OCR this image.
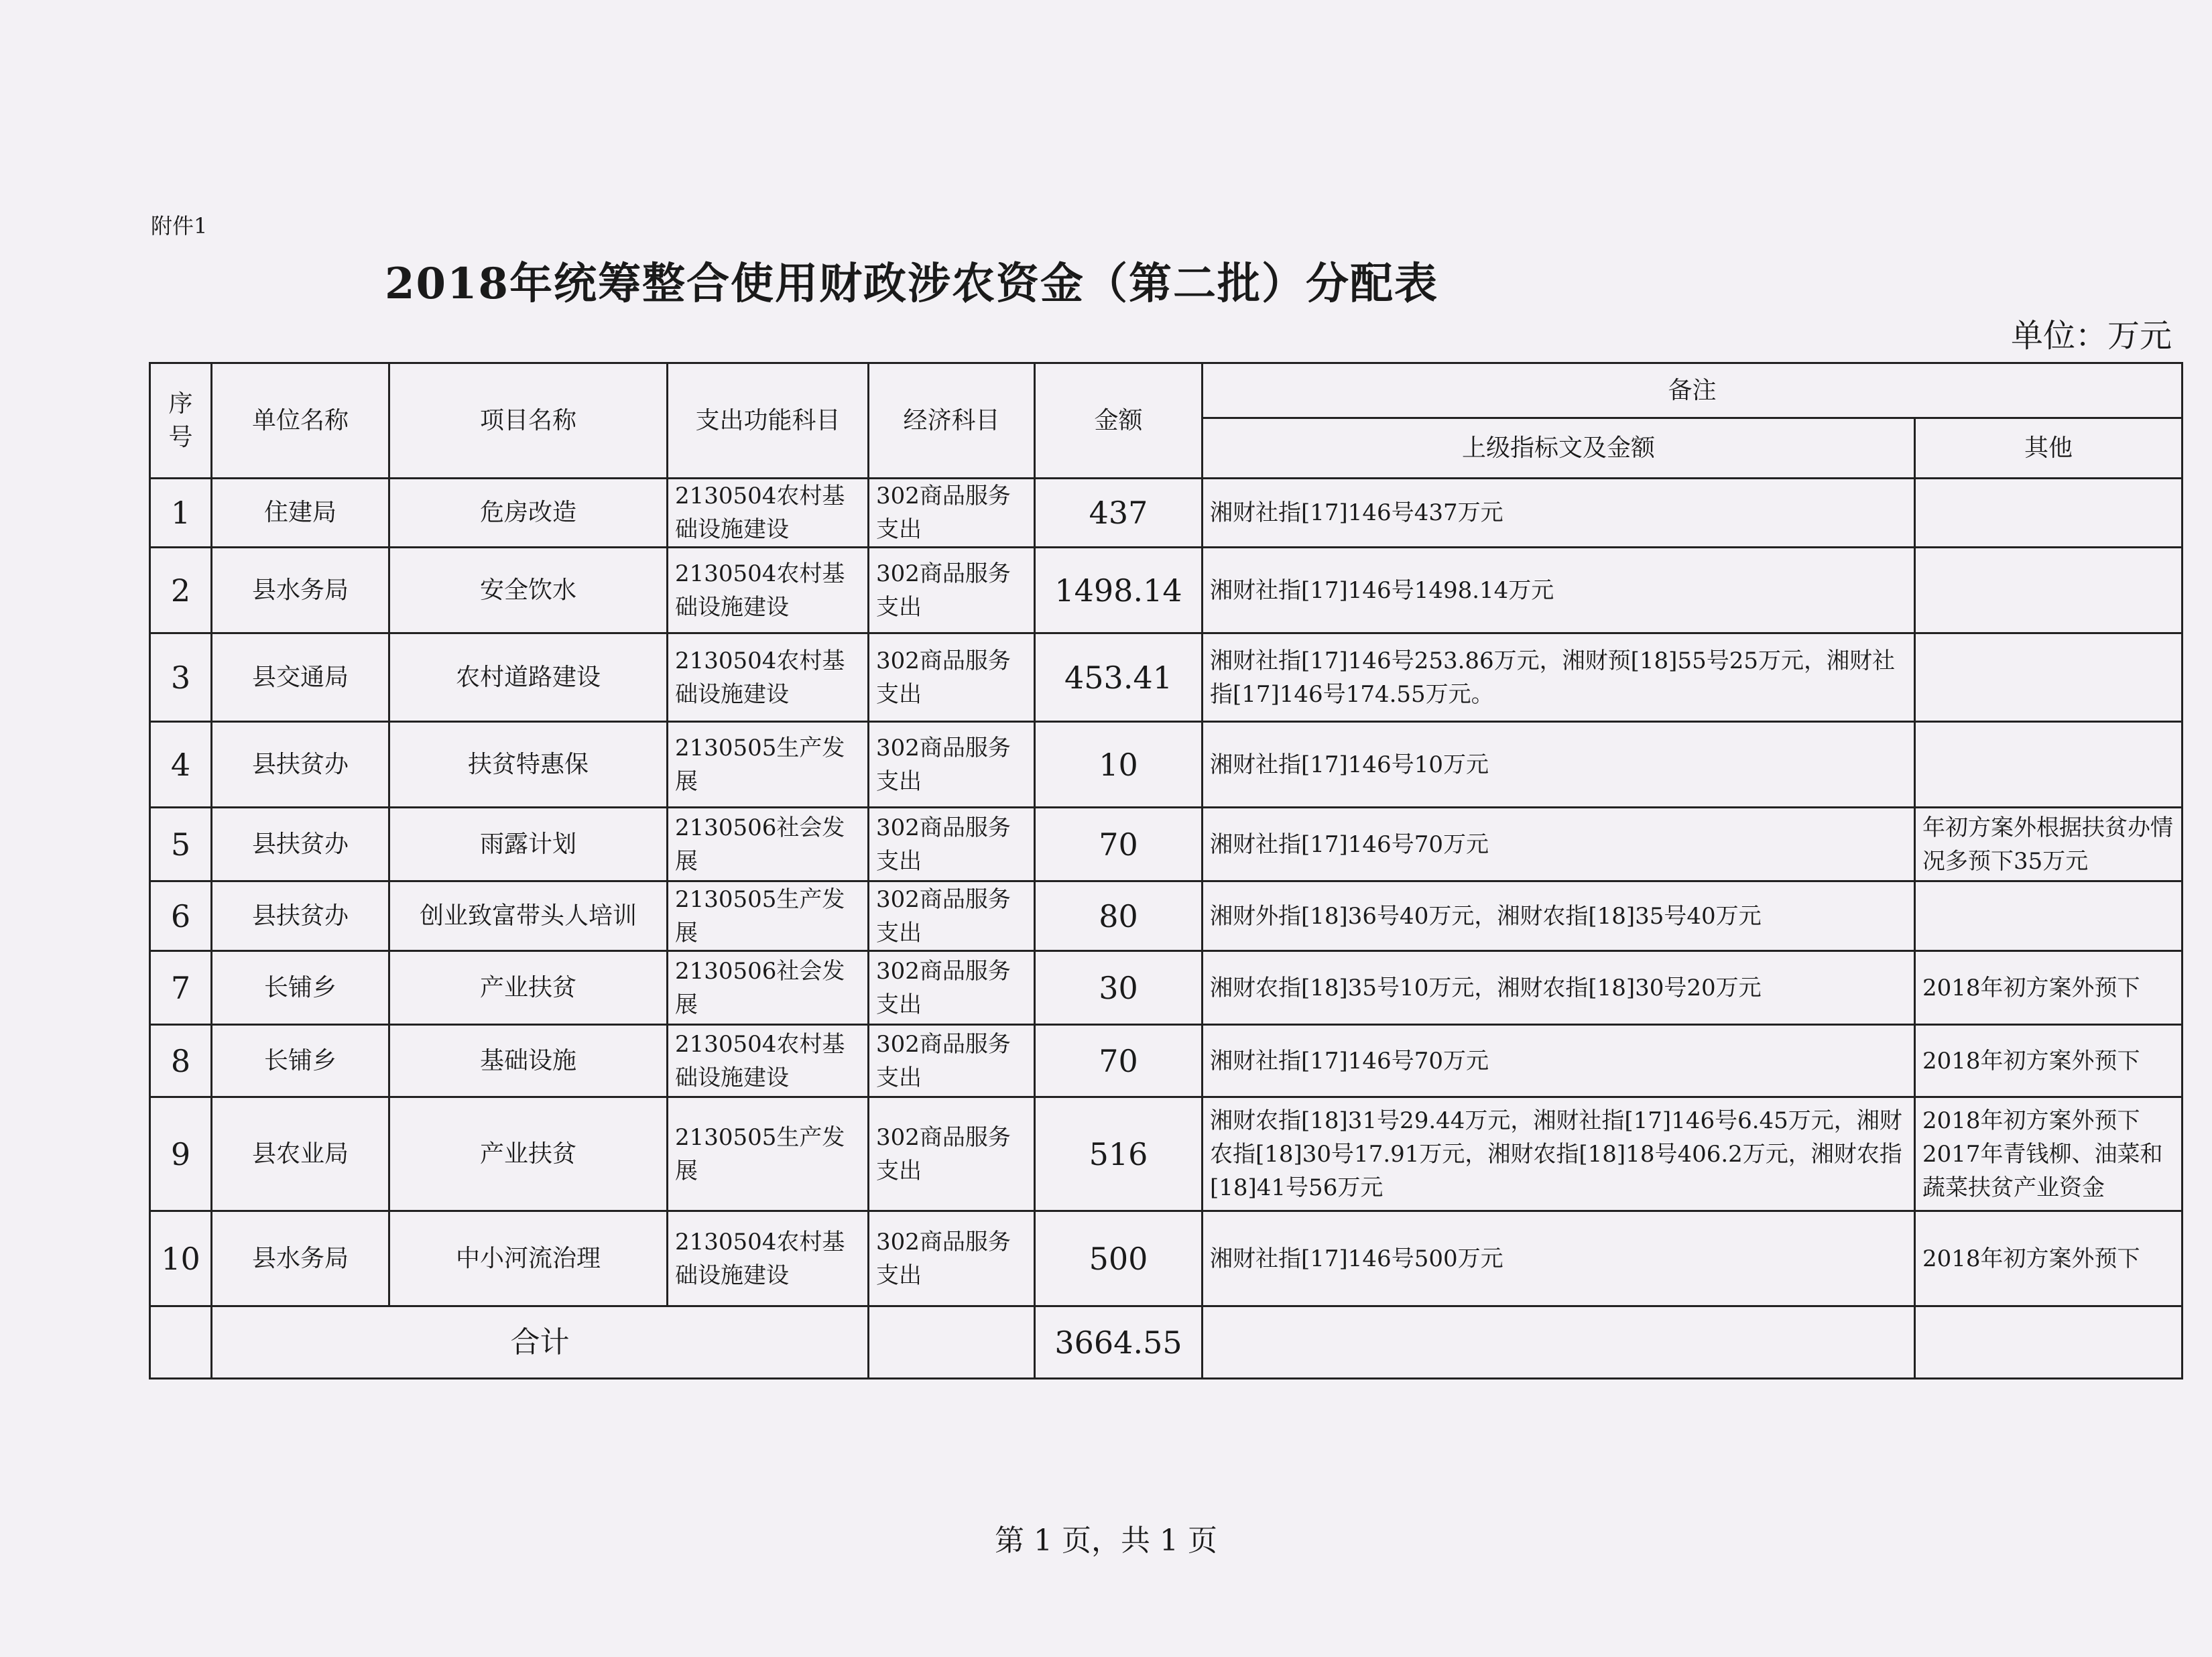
附件1
2018年统筹整合使用财政涉农资金（第二批）分配表
单位：万元
序号	单位名称	项目名称	支出功能科目	经济科目	金额	备注	
						上级指标文及金额	其他
1	住建局	危房改造	2130504农村基础设施建设	302商品服务支出	437	湘财社指[17]146号437万元	
2	县水务局	安全饮水	2130504农村基础设施建设	302商品服务支出	1498.14	湘财社指[17]146号1498.14万元	
3	县交通局	农村道路建设	2130504农村基础设施建设	302商品服务支出	453.41	湘财社指[17]146号253.86万元，湘财预[18]55号25万元，湘财社指[17]146号174.55万元。	
4	县扶贫办	扶贫特惠保	2130505生产发展	302商品服务支出	10	湘财社指[17]146号10万元	
5	县扶贫办	雨露计划	2130506社会发展	302商品服务支出	70	湘财社指[17]146号70万元	年初方案外根据扶贫办情况多预下35万元
6	县扶贫办	创业致富带头人培训	2130505生产发展	302商品服务支出	80	湘财外指[18]36号40万元，湘财农指[18]35号40万元	
7	长铺乡	产业扶贫	2130506社会发展	302商品服务支出	30	湘财农指[18]35号10万元，湘财农指[18]30号20万元	2018年初方案外预下
8	长铺乡	基础设施	2130504农村基础设施建设	302商品服务支出	70	湘财社指[17]146号70万元	2018年初方案外预下
9	县农业局	产业扶贫	2130505生产发展	302商品服务支出	516	湘财农指[18]31号29.44万元，湘财社指[17]146号6.45万元，湘财农指[18]30号17.91万元，湘财农指[18]18号406.2万元，湘财农指[18]41号56万元	2018年初方案外预下2017年青钱柳、油菜和蔬菜扶贫产业资金
10	县水务局	中小河流治理	2130504农村基础设施建设	302商品服务支出	500	湘财社指[17]146号500万元	2018年初方案外预下
	合计				3664.55		
第 1 页，共 1 页
